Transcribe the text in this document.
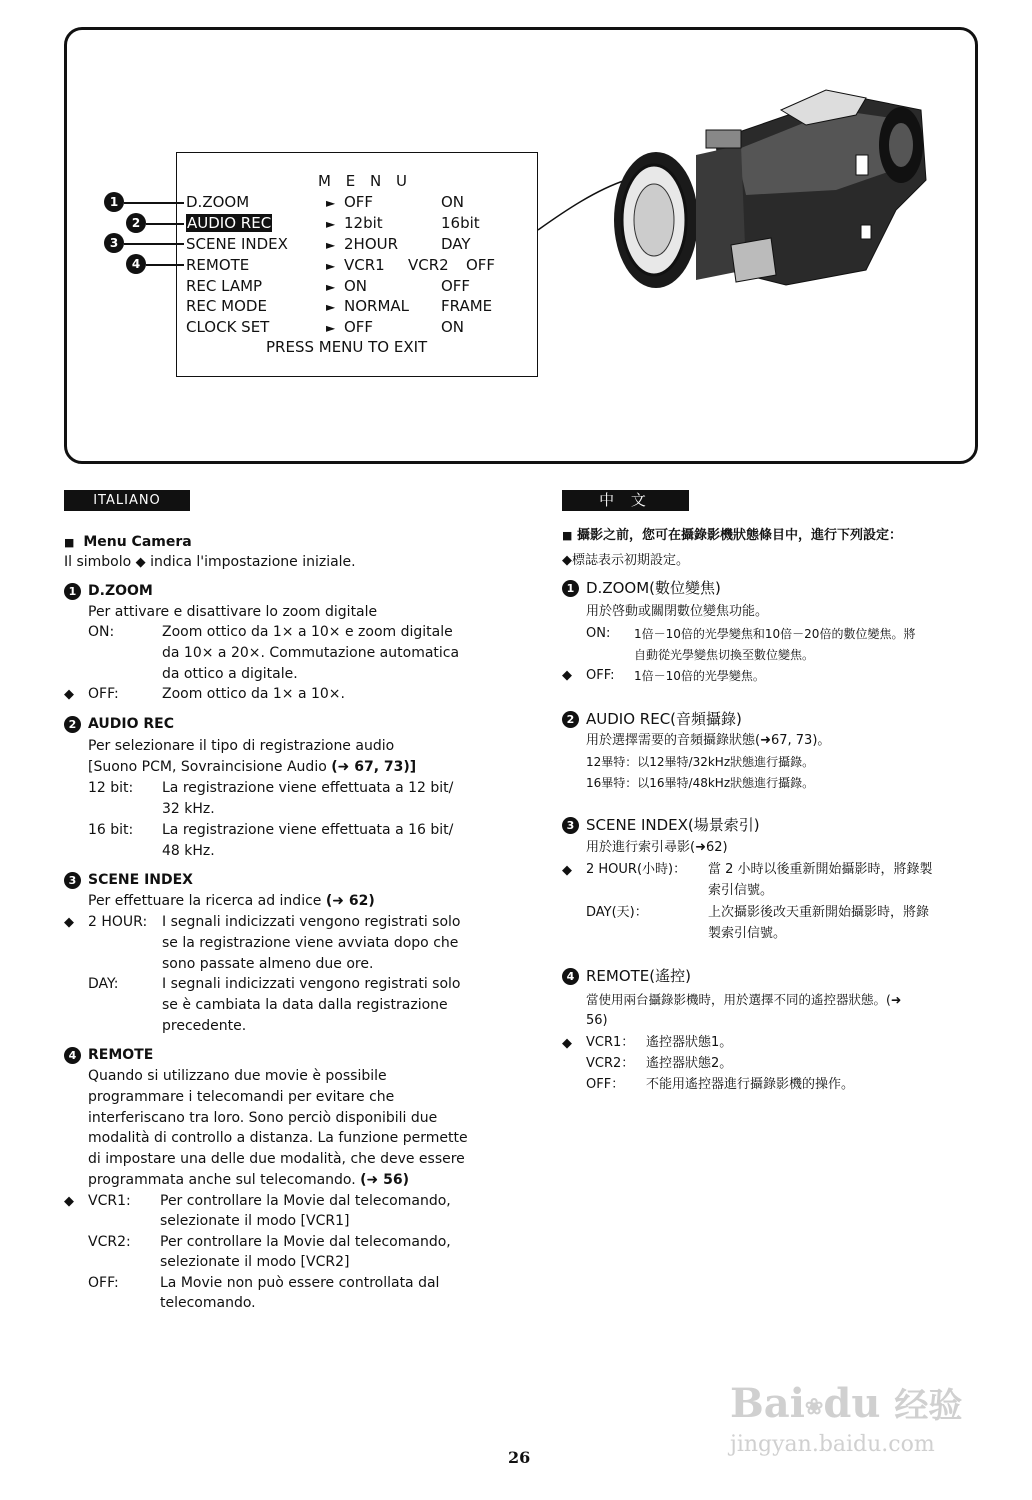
M E N U
D.ZOOM	► OFF	ON
AUDIO REC	► 12bit	16bit
SCENE INDEX	► 2HOUR	DAY
REMOTE	► VCR1 VCR2 OFF
REC LAMP	► ON	OFF
REC MODE	► NORMAL FRAME
CLOCK SET	► OFF	ON
PRESS MENU TO EXIT
1
2
3
4
ITALIANO
■ Menu Camera
Il simbolo ◆ indica l'impostazione iniziale.
1 D.ZOOM
Per attivare e disattivare lo zoom digitale
ON:	Zoom ottico da 1× a 10× e zoom digitale
da 10× a 20×. Commutazione automatica
da ottico a digitale.
◆ OFF:	Zoom ottico da 1× a 10×.
2 AUDIO REC
Per selezionare il tipo di registrazione audio
[Suono PCM, Sovraincisione Audio (➜ 67, 73)]
12 bit: La registrazione viene effettuata a 12 bit/
32 kHz.
16 bit: La registrazione viene effettuata a 16 bit/
48 kHz.
3 SCENE INDEX
Per effettuare la ricerca ad indice (➜ 62)
◆ 2 HOUR: I segnali indicizzati vengono registrati solo
se la registrazione viene avviata dopo che
sono passate almeno due ore.
DAY:	I segnali indicizzati vengono registrati solo
se è cambiata la data dalla registrazione
precedente.
4 REMOTE
Quando si utilizzano due movie è possibile
programmare i telecomandi per evitare che
interferiscano tra loro. Sono perciò disponibili due
modalità di controllo a distanza. La funzione permette
di impostare una delle due modalità, che deve essere
programmata anche sul telecomando. (➜ 56)
◆ VCR1: Per controllare la Movie dal telecomando,
selezionate il modo [VCR1]
VCR2: Per controllare la Movie dal telecomando,
selezionate il modo [VCR2]
OFF:	La Movie non può essere controllata dal
telecomando.
中 文
■ 攝影之前，您可在攝錄影機狀態條目中，進行下列設定：
◆標誌表示初期設定。
1 D.ZOOM(數位變焦)
用於啓動或關閉數位變焦功能。
ON: 1倍－10倍的光學變焦和10倍－20倍的數位變焦。將
自動從光學變焦切換至數位變焦。
◆ OFF: 1倍－10倍的光學變焦。
2 AUDIO REC(音頻攝錄)
用於選擇需要的音頻攝錄狀態(➜67, 73)。
12畢特：以12畢特/32kHz狀態進行攝錄。
16畢特：以16畢特/48kHz狀態進行攝錄。
3 SCENE INDEX(場景索引)
用於進行索引尋影(➜62)
◆ 2 HOUR(小時)： 當 2 小時以後重新開始攝影時，將錄製
索引信號。
DAY(天)：	上次攝影後改天重新開始攝影時，將錄
製索引信號。
4 REMOTE(遙控)
當使用兩台攝錄影機時，用於選擇不同的遙控器狀態。(➜
56)
◆ VCR1： 遙控器狀態1。
VCR2： 遙控器狀態2。
OFF： 不能用遙控器進行攝錄影機的操作。
26
Bai❀du 经验
jingyan.baidu.com
